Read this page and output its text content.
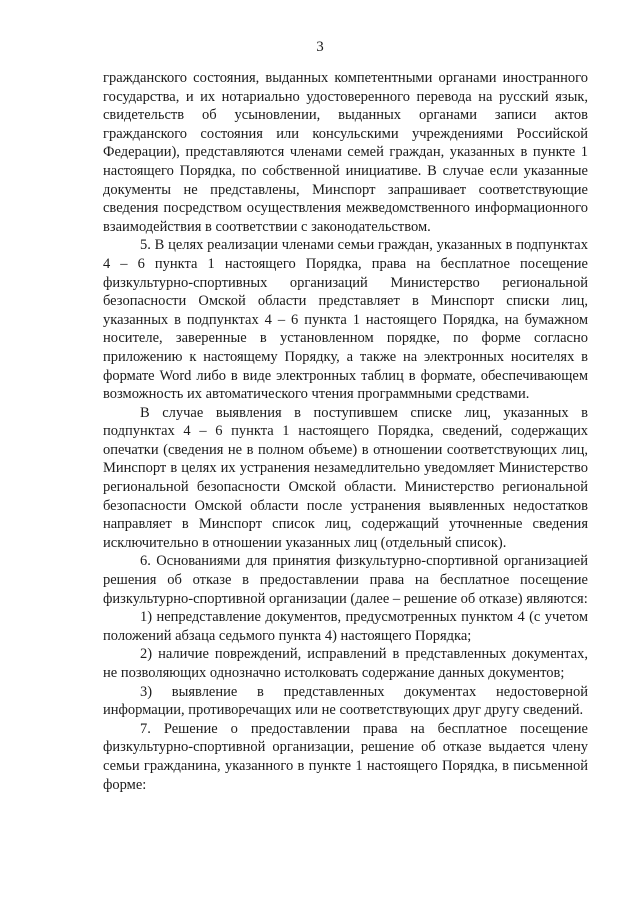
3

гражданского состояния, выданных компетентными органами иностранного государства, и их нотариально удостоверенного перевода на русский язык, свидетельств об усыновлении, выданных органами записи актов гражданского состояния или консульскими учреждениями Российской Федерации), представляются членами семей граждан, указанных в пункте 1 настоящего Порядка, по собственной инициативе. В случае если указанные документы не представлены, Минспорт запрашивает соответствующие сведения посредством осуществления межведомственного информационного взаимодействия в соответствии с законодательством.

5. В целях реализации членами семьи граждан, указанных в подпунктах 4 – 6 пункта 1 настоящего Порядка, права на бесплатное посещение физкультурно-спортивных организаций Министерство региональной безопасности Омской области представляет в Минспорт списки лиц, указанных в подпунктах 4 – 6 пункта 1 настоящего Порядка, на бумажном носителе, заверенные в установленном порядке, по форме согласно приложению к настоящему Порядку, а также на электронных носителях в формате Word либо в виде электронных таблиц в формате, обеспечивающем возможность их автоматического чтения программными средствами.

В случае выявления в поступившем списке лиц, указанных в подпунктах 4 – 6 пункта 1 настоящего Порядка, сведений, содержащих опечатки (сведения не в полном объеме) в отношении соответствующих лиц, Минспорт в целях их устранения незамедлительно уведомляет Министерство региональной безопасности Омской области. Министерство региональной безопасности Омской области после устранения выявленных недостатков направляет в Минспорт список лиц, содержащий уточненные сведения исключительно в отношении указанных лиц (отдельный список).

6. Основаниями для принятия физкультурно-спортивной организацией решения об отказе в предоставлении права на бесплатное посещение физкультурно-спортивной организации (далее – решение об отказе) являются:

1) непредставление документов, предусмотренных пунктом 4 (с учетом положений абзаца седьмого пункта 4) настоящего Порядка;

2) наличие повреждений, исправлений в представленных документах, не позволяющих однозначно истолковать содержание данных документов;

3) выявление в представленных документах недостоверной информации, противоречащих или не соответствующих друг другу сведений.

7. Решение о предоставлении права на бесплатное посещение физкультурно-спортивной организации, решение об отказе выдается члену семьи гражданина, указанного в пункте 1 настоящего Порядка, в письменной форме:
